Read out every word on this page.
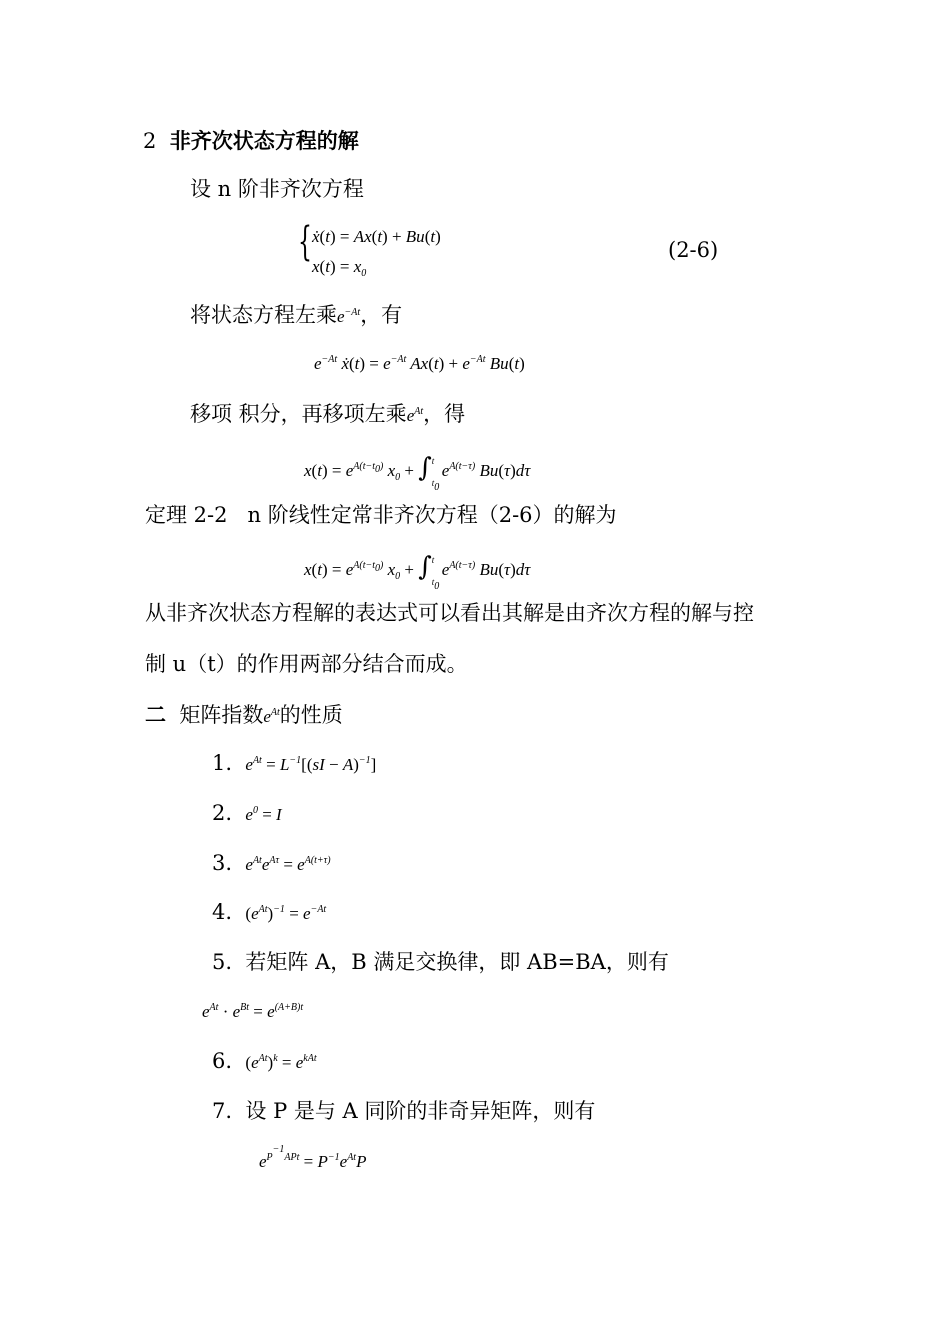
2 非齐次状态方程的解
设 n 阶非齐次方程
{ ẋ(t) = Ax(t) + Bu(t)
$x(t) = x_0$
(2-6)
将状态方程左乘$e^{-At}$，有
$e^{-At}$ ẋ(t) = $e^{-At}$ $Ax(t) + e^{-At}$ Bu(t)
移项 积分，再移项左乘$e^{At}$，得
$x(t) = e^{A(t-t_0)}$ $x_0$ + ∫ t
$t_0$
$e^{A(t-\tau)}$ Bu(τ)dτ
定理 2-2 n 阶线性定常非齐次方程（2-6）的解为
$x(t) = e^{A(t-t_0)}$ $x_0$ + ∫ t
$t_0$
$e^{A(t-\tau)}$ Bu(τ)dτ
从非齐次状态方程解的表达式可以看出其解是由齐次方程的解与控
制 u（t）的作用两部分结合而成。
二 矩阵指数$e^{At}$的性质
1. $e^{At} = L^{-1}[(sI - A)^{-1}]$
2. $e^0 = I$
3. $e^{At}e^{A\tau} = e^{A(t+\tau)}$
4. $(e^{At})^{-1} = e^{-At}$
5. 若矩阵 A，B 满足交换律，即 AB=BA，则有
$e^{At} \cdot e^{Bt} = e^{(A+B)t}$
6. $(e^{At})^k = e^{kAt}$
7. 设 P 是与 A 同阶的非奇异矩阵，则有
$e^{P^{-1}APt} = P^{-1}e^{At}P$
